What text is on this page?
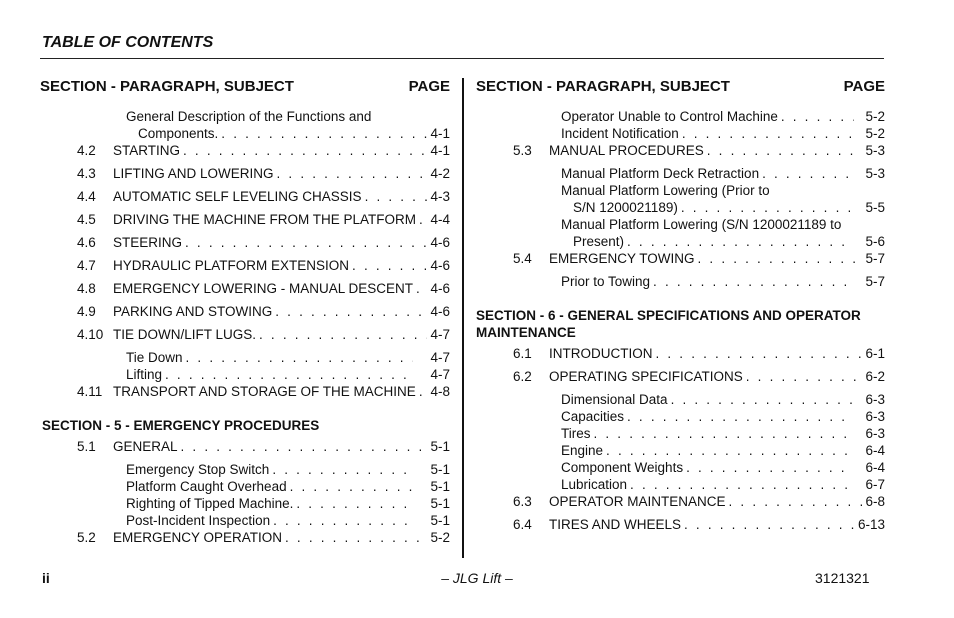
TABLE OF CONTENTS
SECTION - PARAGRAPH, SUBJECT	PAGE
General Description of the Functions and
Components. . . .	4-1
4.2	STARTING . . .	4-1
4.3	LIFTING AND LOWERING . . .	4-2
4.4	AUTOMATIC SELF LEVELING CHASSIS . . .	4-3
4.5	DRIVING THE MACHINE FROM THE PLATFORM . . . 4-4
4.6	STEERING . . .	4-6
4.7	HYDRAULIC PLATFORM EXTENSION . . .	4-6
4.8	EMERGENCY LOWERING - MANUAL DESCENT . . . 4-6
4.9	PARKING AND STOWING . . .	4-6
4.10 TIE DOWN/LIFT LUGS. . . .	4-7
Tie Down . . .	4-7
Lifting . . .	4-7
4.11 TRANSPORT AND STORAGE OF THE MACHINE . . . 4-8
SECTION - 5 - EMERGENCY PROCEDURES
5.1	GENERAL . . .	5-1
Emergency Stop Switch . . .	5-1
Platform Caught Overhead . . .	5-1
Righting of Tipped Machine. . . .	5-1
Post-Incident Inspection . . .	5-1
5.2	EMERGENCY OPERATION . . .	5-2
SECTION - PARAGRAPH, SUBJECT	PAGE
Operator Unable to Control Machine . . .	5-2
Incident Notification . . .	5-2
5.3	MANUAL PROCEDURES . . .	5-3
Manual Platform Deck Retraction . . .	5-3
Manual Platform Lowering (Prior to
S/N 1200021189) . . .	5-5
Manual Platform Lowering (S/N 1200021189 to
Present) . . .	5-6
5.4	EMERGENCY TOWING . . .	5-7
Prior to Towing . . .	5-7
SECTION - 6 - GENERAL SPECIFICATIONS AND OPERATOR MAINTENANCE
6.1	INTRODUCTION . . .	6-1
6.2	OPERATING SPECIFICATIONS . . .	6-2
Dimensional Data . . .	6-3
Capacities . . .	6-3
Tires . . .	6-3
Engine . . .	6-4
Component Weights . . .	6-4
Lubrication . . .	6-7
6.3	OPERATOR MAINTENANCE . . .	6-8
6.4	TIRES AND WHEELS . . .	6-13
– JLG Lift –
ii	3121321
